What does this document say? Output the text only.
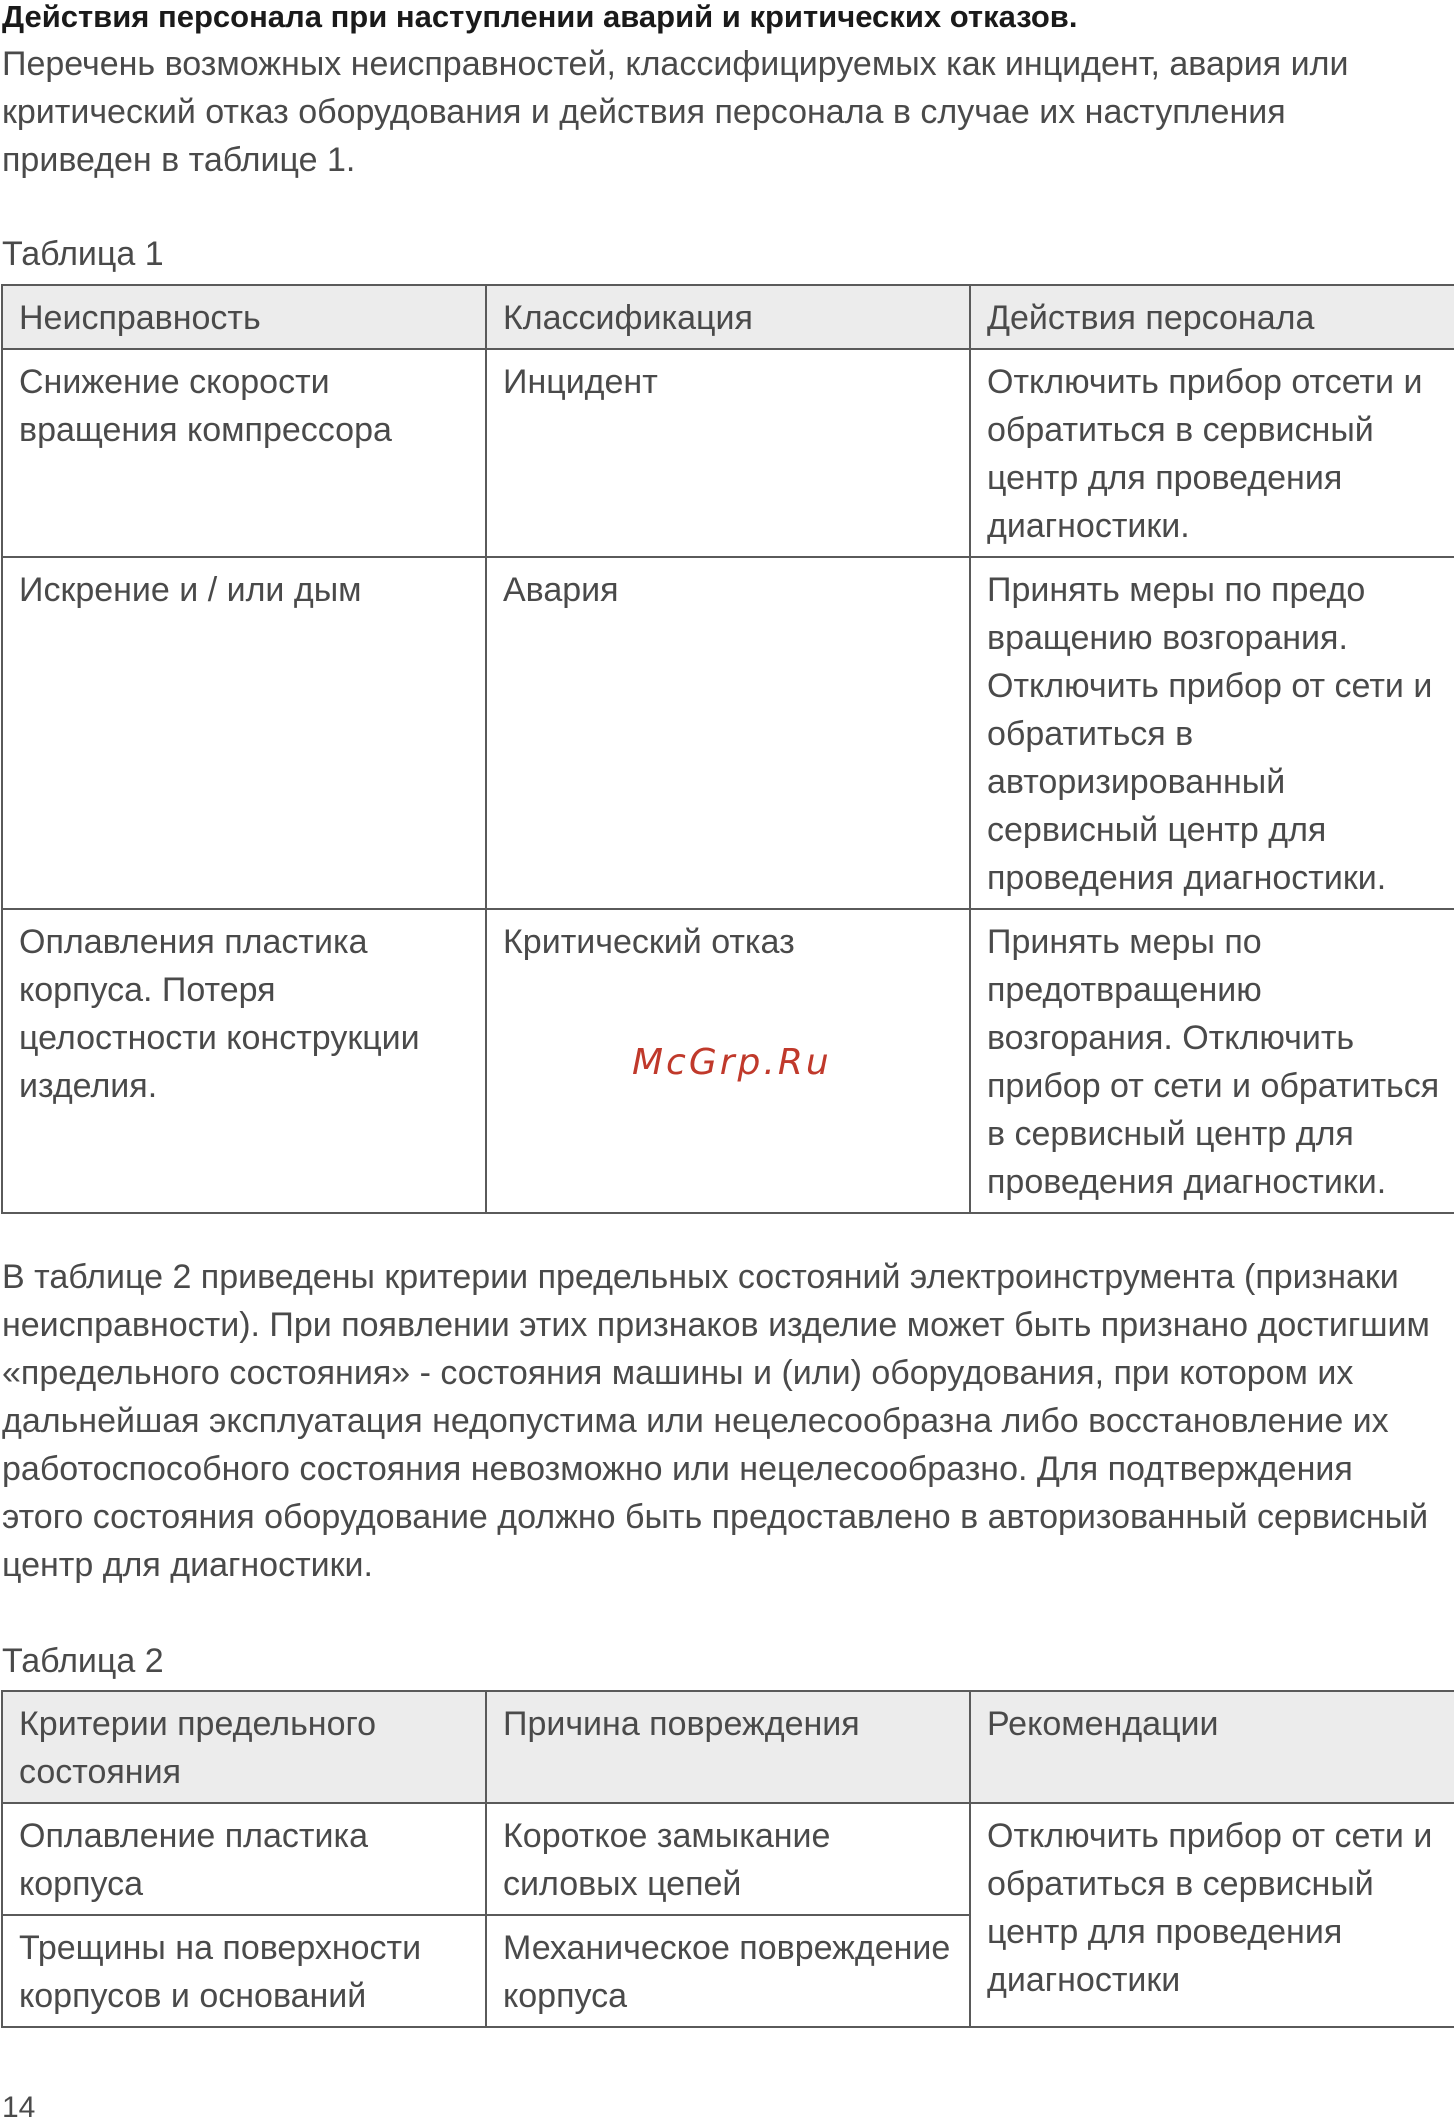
Действия персонала при наступлении аварий и критических отказов.
Перечень возможных неисправностей, классифицируемых как инцидент, авария или критический отказ оборудования и действия персонала в случае их наступления приведен в таблице 1.
Таблица 1
Неисправность	Классификация	Действия персонала
Снижение скорости вращения компрессора	Инцидент	Отключить прибор отсети и обратиться в сервисный центр для проведения диагностики.
Искрение и / или дым	Авария	Принять меры по предо вращению возгорания. Отключить прибор от сети и обратиться в авторизированный сервисный центр для проведения диагностики.
Оплавления пластика корпуса. Потеря целостности конструкции изделия.	Критический отказ	Принять меры по предотвращению возгорания. Отключить прибор от сети и обратиться в сервисный центр для проведения диагностики.
McGrp.Ru
В таблице 2 приведены критерии предельных состояний электроинструмента (признаки неисправности). При появлении этих признаков изделие может быть признано достигшим «предельного состояния» - состояния машины и (или) оборудования, при котором их дальнейшая эксплуатация недопустима или нецелесообразна либо восстановление их работоспособного состояния невозможно или нецелесообразно. Для подтверждения этого состояния оборудование должно быть предоставлено в авторизованный сервисный центр для диагностики.
Таблица 2
Критерии предельного состояния	Причина повреждения	Рекомендации
Оплавление пластика корпуса	Короткое замыкание силовых цепей	Отключить прибор от сети и обратиться в сервисный центр для проведения диагностики
Трещины на поверхности корпусов и оснований	Механическое повреждение корпуса	
14
